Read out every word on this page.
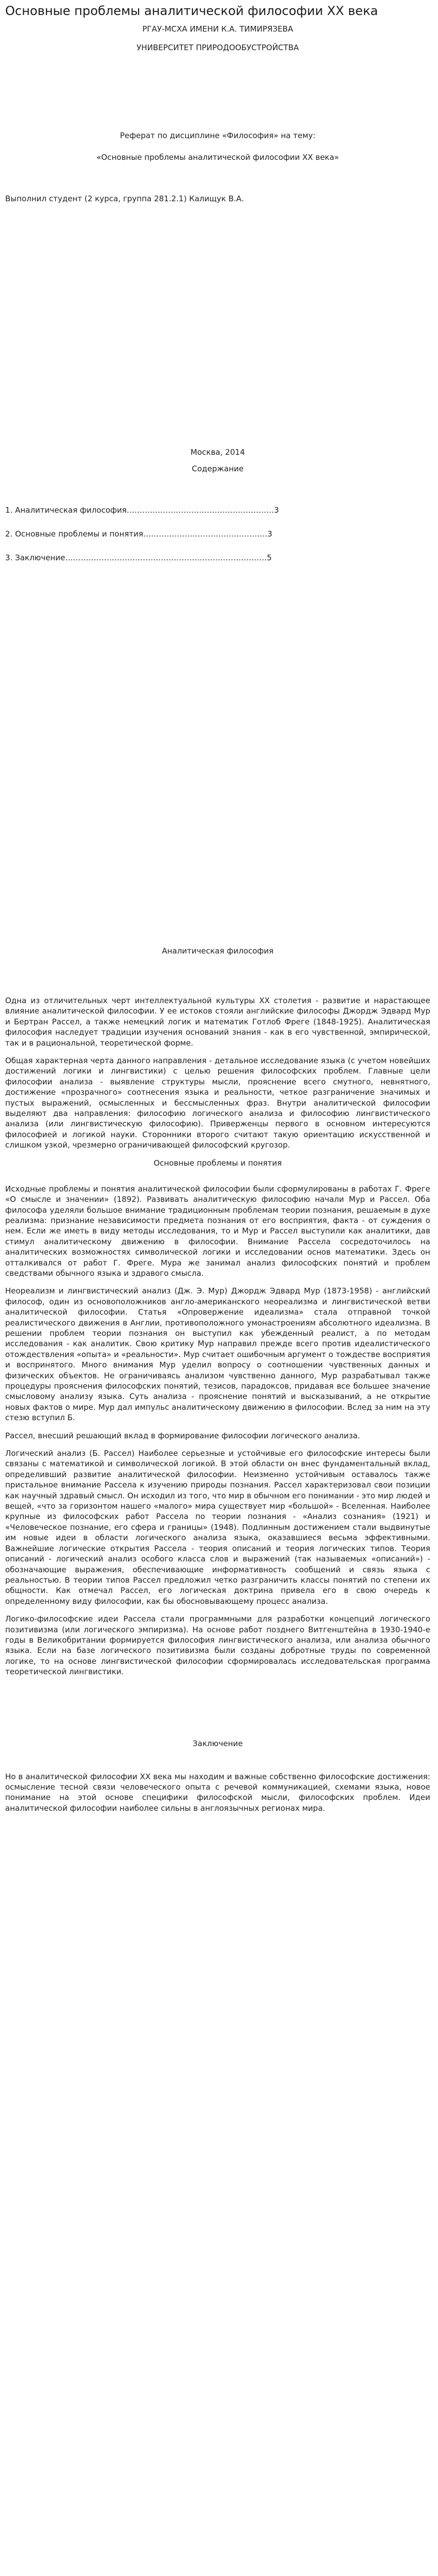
Основные проблемы аналитической философии XX века
РГАУ-МСХА ИМЕНИ К.А. ТИМИРЯЗЕВА
УНИВЕРСИТЕТ ПРИРОДООБУСТРОЙСТВА
Реферат по дисциплине «Философия» на тему:
«Основные проблемы аналитической философии XX века»
Выполнил студент (2 курса, группа 281.2.1) Калищук В.А.
Москва, 2014
Содержание
1. Аналитическая философия…………………………………………………3
2. Основные проблемы и понятия…………………………………………3
3. Заключение……………………………………………………………………5
Аналитическая философия

Одна из отличительных черт интеллектуальной культуры XX столетия - развитие и нарастающее влияние аналитической философии. У ее истоков стояли английские философы Джордж Эдвард Мур и Бертран Рассел, а также немецкий логик и математик Готлоб Фреге (1848-1925). Аналитическая философия наследует традиции изучения оснований знания - как в его чувственной, эмпирической, так и в рациональной, теоретической форме.

Общая характерная черта данного направления - детальное исследование языка (с учетом новейших достижений логики и лингвистики) с целью решения философских проблем. Главные цели философии анализа - выявление структуры мысли, прояснение всего смутного, невнятного, достижение «прозрачного» соотнесения языка и реальности, четкое разграничение значимых и пустых выражений, осмысленных и бессмысленных фраз. Внутри аналитической философии выделяют два направления: философию логического анализа и философию лингвистического анализа (или лингвистическую философию). Приверженцы первого в основном интересуются философией и логикой науки. Сторонники второго считают такую ориентацию искусственной и слишком узкой, чрезмерно ограничивающей философский кругозор.

Основные проблемы и понятия

Исходные проблемы и понятия аналитической философии были сформулированы в работах Г. Фреге «О смысле и значении» (1892). Развивать аналитическую философию начали Мур и Рассел. Оба философа уделяли большое внимание традиционным проблемам теории познания, решаемым в духе реализма: признание независимости предмета познания от его восприятия, факта - от суждения о нем. Если же иметь в виду методы исследования, то и Мур и Рассел выступили как аналитики, дав стимул аналитическому движению в философии. Внимание Рассела сосредоточилось на аналитических возможностях символической логики и исследовании основ математики. Здесь он отталкивался от работ Г. Фреге. Мура же занимал анализ философских понятий и проблем сведствами обычного языка и здравого смысла.

Неореализм и лингвистический анализ (Дж. Э. Мур) Джордж Эдвард Мур (1873-1958) - английский философ, один из основоположников англо-американского неореализма и лингвистической ветви аналитической философии. Статья «Опровержение идеализма» стала отправной точкой реалистического движения в Англии, противоположного умонастроениям абсолютного идеализма. В решении проблем теории познания он выступил как убежденный реалист, а по методам исследования - как аналитик. Свою критику Мур направил прежде всего против идеалистического отождествления «опыта» и «реальности». Мур считает ошибочным аргумент о тождестве восприятия и воспринятого. Много внимания Мур уделил вопросу о соотношении чувственных данных и физических объектов. Не ограничиваясь анализом чувственно данного, Мур разрабатывал также процедуры прояснения философских понятий, тезисов, парадоксов, придавая все большее значение смысловому анализу языка. Суть анализа - прояснение понятий и высказываний, а не открытие новых фактов о мире. Мур дал импульс аналитическому движению в философии. Вслед за ним на эту стезю вступил Б.

Рассел, внесший решающий вклад в формирование философии логического анализа.

Логический анализ (Б. Рассел) Наиболее серьезные и устойчивые его философские интересы были связаны с математикой и символической логикой. В этой области он внес фундаментальный вклад, определивший развитие аналитической философии. Неизменно устойчивым оставалось также пристальное внимание Рассела к изучению природы познания. Рассел характеризовал свои позиции как научный здравый смысл. Он исходил из того, что мир в обычном его понимании - это мир людей и вещей, «что за горизонтом нашего «малого» мира существует мир «большой» - Вселенная. Наиболее крупные из философских работ Рассела по теории познания - «Анализ сознания» (1921) и «Человеческое познание, его сфера и границы» (1948). Подлинным достижением стали выдвинутые им новые идеи в области логического анализа языка, оказавшиеся весьма эффективными. Важнейшие логические открытия Рассела - теория описаний и теория логических типов. Теория описаний - логический анализ особого класса слов и выражений (так называемых «описаний») - обозначающие выражения, обеспечивающие информативность сообщений и связь языка с реальностью. В теории типов Рассел предложил четко разграничить классы понятий по степени их общности. Как отмечал Рассел, его логическая доктрина привела его в свою очередь к определенному виду философии, как бы обосновывающему процесс анализа.

Логико-философские идеи Рассела стали программными для разработки концепций логического позитивизма (или логического эмпиризма). На основе работ позднего Витгенштейна в 1930-1940-е годы в Великобритании формируется философия лингвистического анализа, или анализа обычного языка. Если на базе логического позитивизма были созданы добротные труды по современной логике, то на основе лингвистической философии сформировалась исследовательская программа теоретической лингвистики.

Заключение

Но в аналитической философии XX века мы находим и важные собственно философские достижения: осмысление тесной связи человеческого опыта с речевой коммуникацией, схемами языка, новое понимание на этой основе специфики философской мысли, философских проблем. Идеи аналитической философии наиболее сильны в англоязычных регионах мира.
